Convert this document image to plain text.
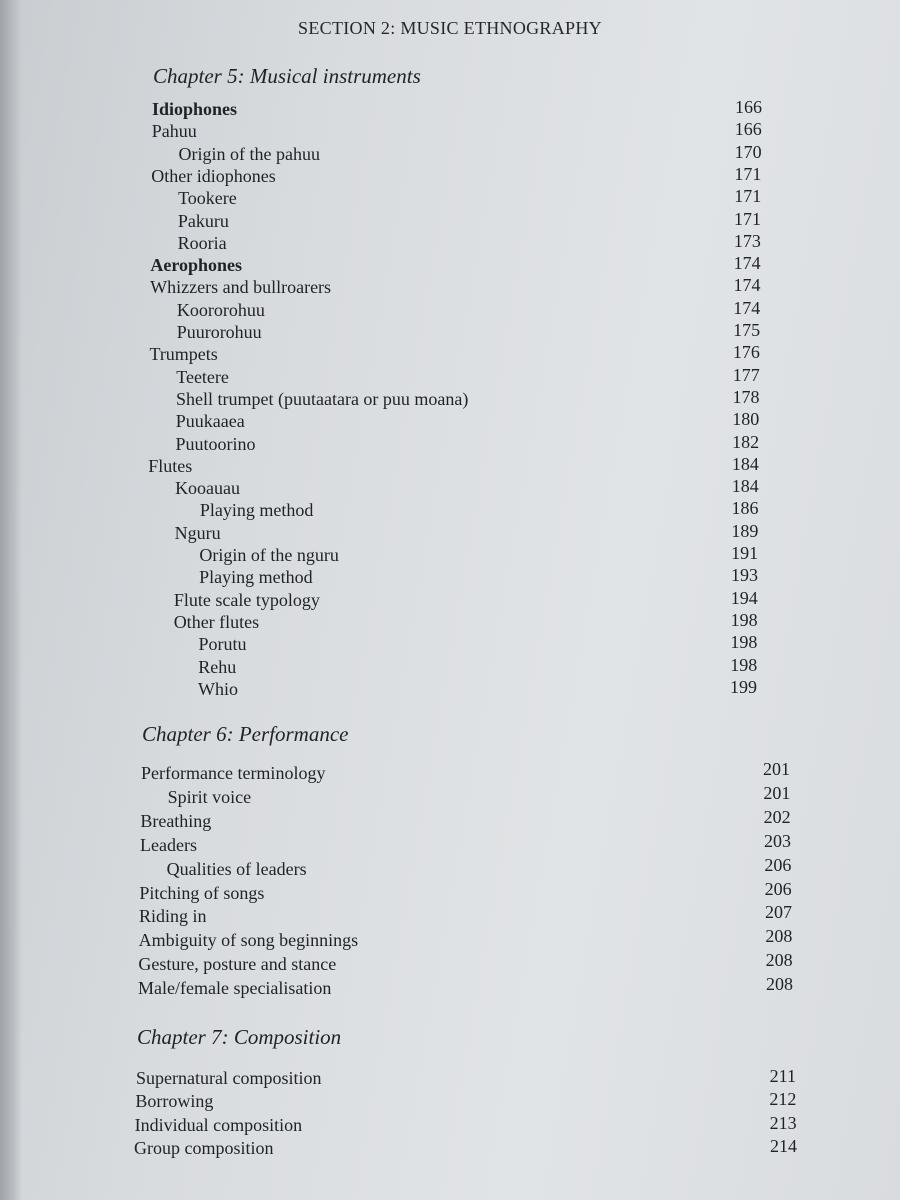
SECTION 2: MUSIC ETHNOGRAPHY
Chapter 5: Musical instruments
Idiophones	166
Pahuu	166
Origin of the pahuu	170
Other idiophones	171
Tookere	171
Pakuru	171
Rooria	173
Aerophones	174
Whizzers and bullroarers	174
Koororohuu	174
Puurorohuu	175
Trumpets	176
Teetere	177
Shell trumpet (puutaatara or puu moana)	178
Puukaaea	180
Puutoorino	182
Flutes	184
Kooauau	184
Playing method	186
Nguru	189
Origin of the nguru	191
Playing method	193
Flute scale typology	194
Other flutes	198
Porutu	198
Rehu	198
Whio	199
Chapter 6: Performance
Performance terminology	201
Spirit voice	201
Breathing	202
Leaders	203
Qualities of leaders	206
Pitching of songs	206
Riding in	207
Ambiguity of song beginnings	208
Gesture, posture and stance	208
Male/female specialisation	208
Chapter 7: Composition
Supernatural composition	211
Borrowing	212
Individual composition	213
Group composition	214
